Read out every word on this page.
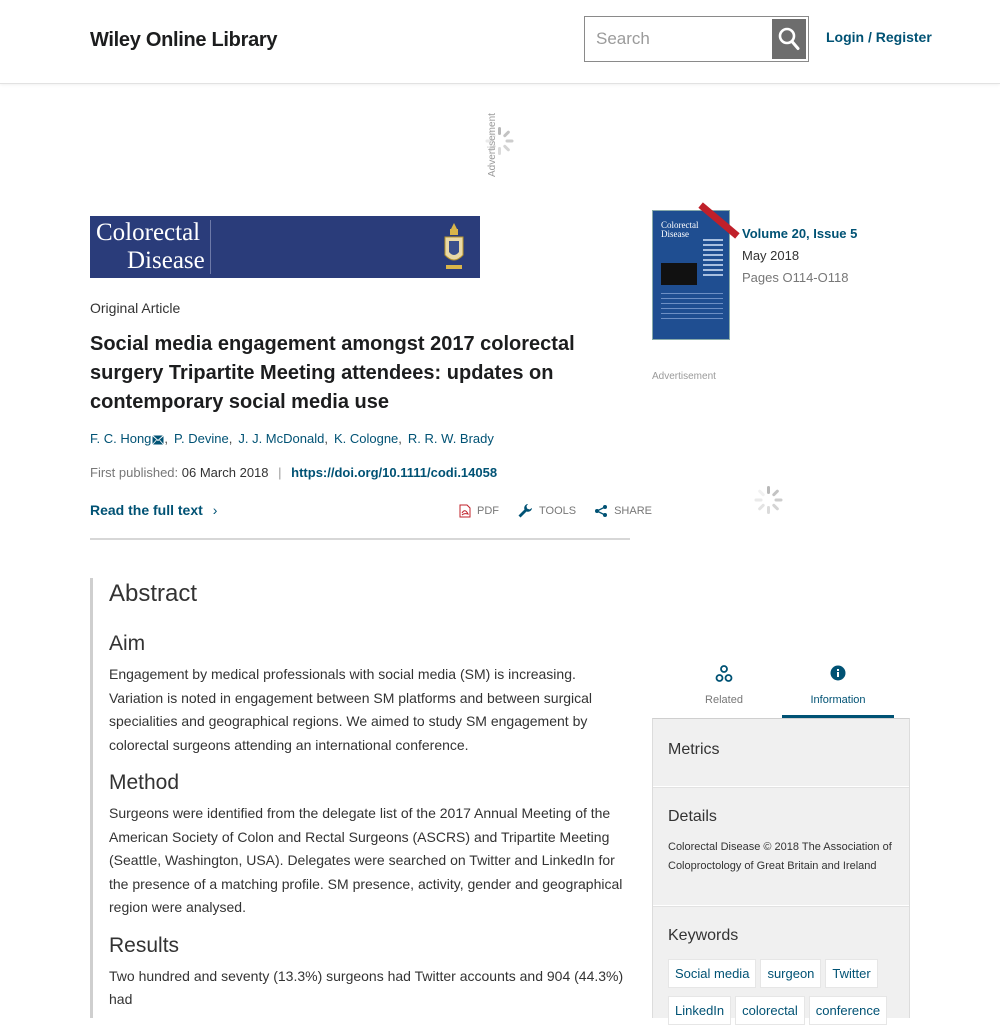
Wiley Online Library
Search	Login / Register
Advertisement
Colorectal
Disease
Original Article
Social media engagement amongst 2017 colorectal surgery Tripartite Meeting attendees: updates on contemporary social media use
F. C. Hong , P. Devine, J. J. McDonald, K. Cologne, R. R. W. Brady
First published: 06 March 2018 | https://doi.org/10.1111/codi.14058
Read the full text ›	PDF	TOOLS	SHARE
Abstract
Aim

Engagement by medical professionals with social media (SM) is increasing. Variation is noted in engagement between SM platforms and between surgical specialities and geographical regions. We aimed to study SM engagement by colorectal surgeons attending an international conference.

Method

Surgeons were identified from the delegate list of the 2017 Annual Meeting of the American Society of Colon and Rectal Surgeons (ASCRS) and Tripartite Meeting (Seattle, Washington, USA). Delegates were searched on Twitter and LinkedIn for the presence of a matching profile. SM presence, activity, gender and geographical region were analysed.

Results

Two hundred and seventy (13.3%) surgeons had Twitter accounts and 904 (44.3%) had

Colorectal
Disease	Volume 20, Issue 5
May 2018
Pages O114-O118
Advertisement
Related	Information
Metrics
Details
Colorectal Disease © 2018 The Association of Coloproctology of Great Britain and Ireland
Keywords
Social media surgeon TwitterLinkedIn colorectal conference
